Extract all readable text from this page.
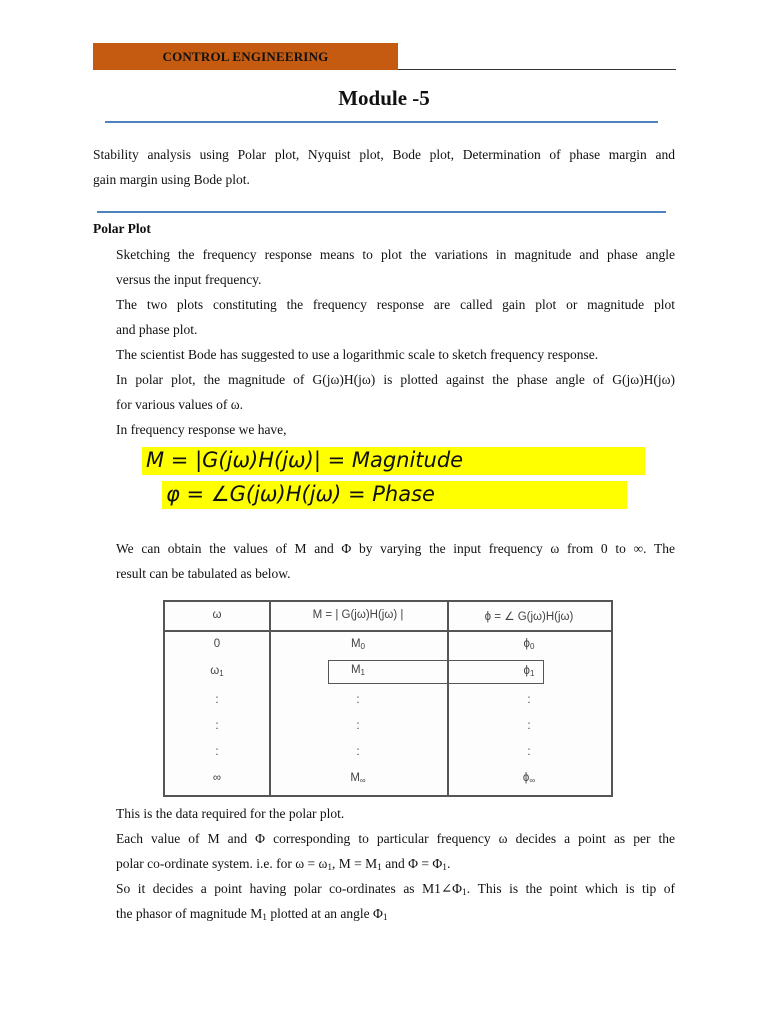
CONTROL ENGINEERING
Module -5
Stability analysis using Polar plot, Nyquist plot, Bode plot, Determination of phase margin and
gain margin using Bode plot.
Polar Plot
Sketching the frequency response means to plot the variations in magnitude and phase angle
versus the input frequency.
The two plots constituting the frequency response are called gain plot or magnitude plot
and phase plot.
The scientist Bode has suggested to use a logarithmic scale to sketch frequency response.
In polar plot, the magnitude of G(jω)H(jω) is plotted against the phase angle of G(jω)H(jω)
for various values of ω.
In frequency response we have,
M = |G(jω)H(jω)| = Magnitude
φ = ∠G(jω)H(jω) = Phase
We can obtain the values of M and Φ by varying the input frequency ω from 0 to ∞. The
result can be tabulated as below.
ω	M = | G(jω)H(jω) |	ϕ = ∠ G(jω)H(jω)
0	$M_0$	$\phi_0$
$\omega_1$	$M_1$	$\phi_1$
:	:	:
:	:	:
:	:	:
∞	$M_\infty$	$\phi_\infty$
This is the data required for the polar plot.
Each value of M and Φ corresponding to particular frequency ω decides a point as per the
polar co-ordinate system. i.e. for $\omega = \omega_1$, $M = M_1$ and $\Phi = \Phi_1$.
So it decides a point having polar co-ordinates as $M1\angle\Phi_1$. This is the point which is tip of
the phasor of magnitude $M_1$ plotted at an angle $\Phi_1$
